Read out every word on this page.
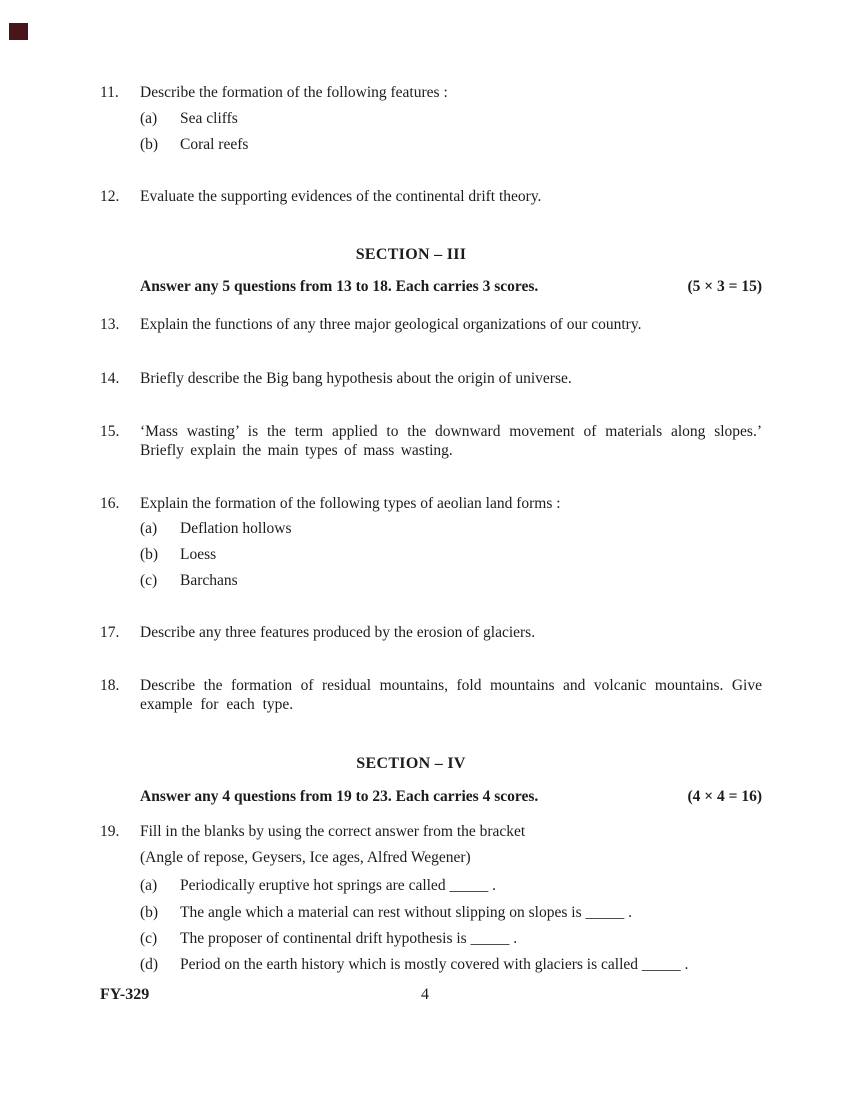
11.	Describe the formation of the following features :
(a)	Sea cliffs
(b)	Coral reefs
12.	Evaluate the supporting evidences of the continental drift theory.
SECTION – III
Answer any 5 questions from 13 to 18. Each carries 3 scores.	(5 × 3 = 15)
13.	Explain the functions of any three major geological organizations of our country.
14.	Briefly describe the Big bang hypothesis about the origin of universe.
15.	‘Mass wasting’ is the term applied to the downward movement of materials along slopes.’ Briefly explain the main types of mass wasting.
16.	Explain the formation of the following types of aeolian land forms :
(a)	Deflation hollows
(b)	Loess
(c)	Barchans
17.	Describe any three features produced by the erosion of glaciers.
18.	Describe the formation of residual mountains, fold mountains and volcanic mountains. Give example for each type.
SECTION – IV
Answer any 4 questions from 19 to 23. Each carries 4 scores.	(4 × 4 = 16)
19.	Fill in the blanks by using the correct answer from the bracket
(Angle of repose, Geysers, Ice ages, Alfred Wegener)
(a)	Periodically eruptive hot springs are called _____ .
(b)	The angle which a material can rest without slipping on slopes is _____ .
(c)	The proposer of continental drift hypothesis is _____ .
(d)	Period on the earth history which is mostly covered with glaciers is called _____ .
4
FY-329
